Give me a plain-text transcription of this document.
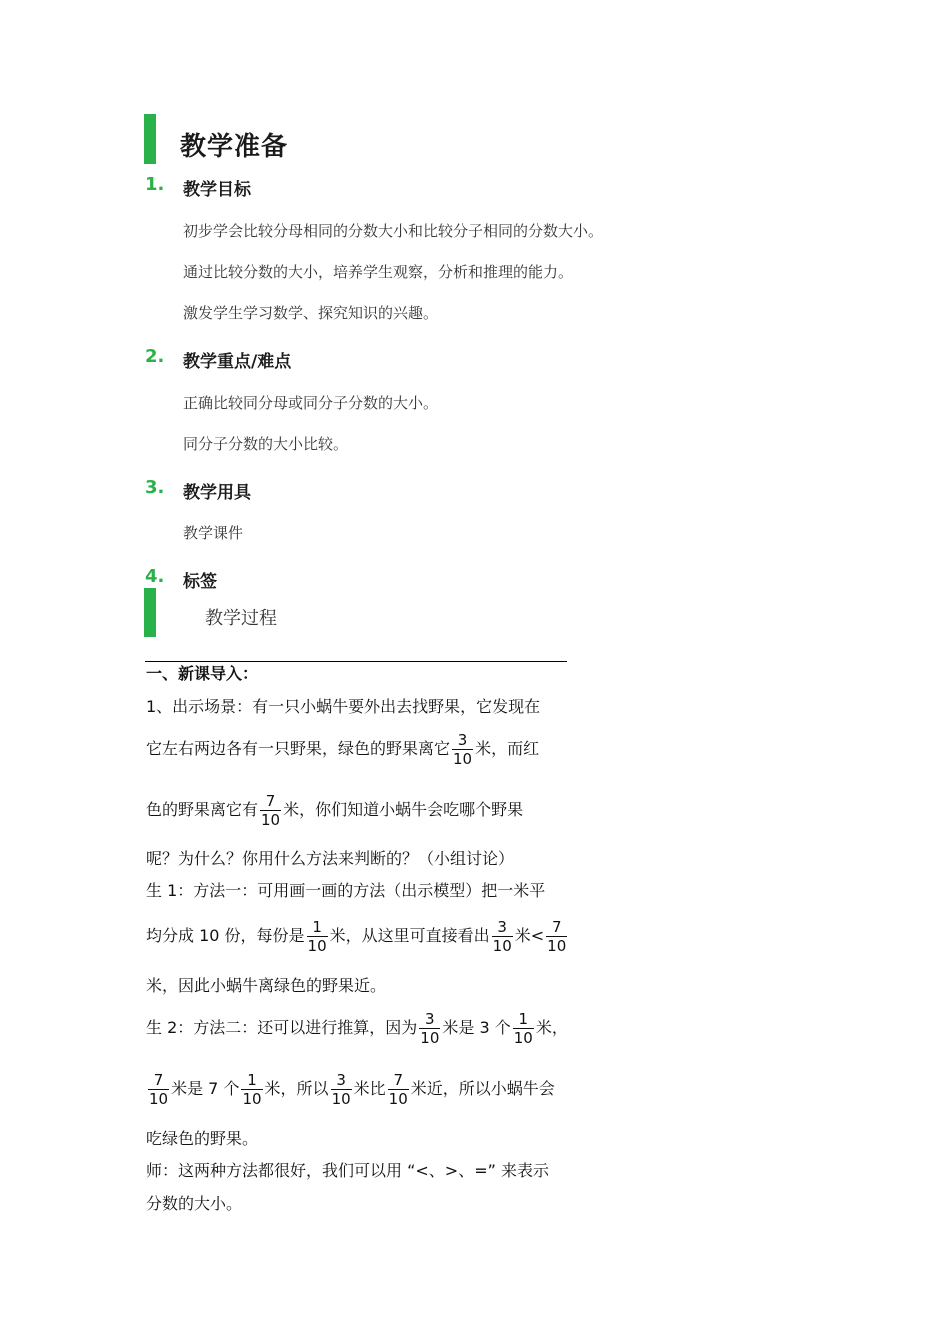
教学准备
1. 教学目标
初步学会比较分母相同的分数大小和比较分子相同的分数大小。
通过比较分数的大小，培养学生观察，分析和推理的能力。
激发学生学习数学、探究知识的兴趣。
2. 教学重点/难点
正确比较同分母或同分子分数的大小。
同分子分数的大小比较。
3. 教学用具
教学课件
4. 标签
教学过程
一、新课导入：
1、出示场景：有一只小蜗牛要外出去找野果，它发现在
它左右两边各有一只野果，绿色的野果离它 $\frac{3}{10}$ 米，而红
色的野果离它有 $\frac{7}{10}$ 米，你们知道小蜗牛会吃哪个野果
呢？为什么？你用什么方法来判断的？（小组讨论）
生 1：方法一：可用画一画的方法（出示模型）把一米平
均分成 10 份，每份是 $\frac{1}{10}$ 米，从这里可直接看出 $\frac{3}{10}$ 米< $\frac{7}{10}$
米，因此小蜗牛离绿色的野果近。
生 2：方法二：还可以进行推算，因为 $\frac{3}{10}$ 米是 3 个 $\frac{1}{10}$ 米，
$\frac{7}{10}$ 米是 7 个 $\frac{1}{10}$ 米，所以 $\frac{3}{10}$ 米比 $\frac{7}{10}$ 米近，所以小蜗牛会
吃绿色的野果。
师：这两种方法都很好，我们可以用 “<、>、=” 来表示
分数的大小。
